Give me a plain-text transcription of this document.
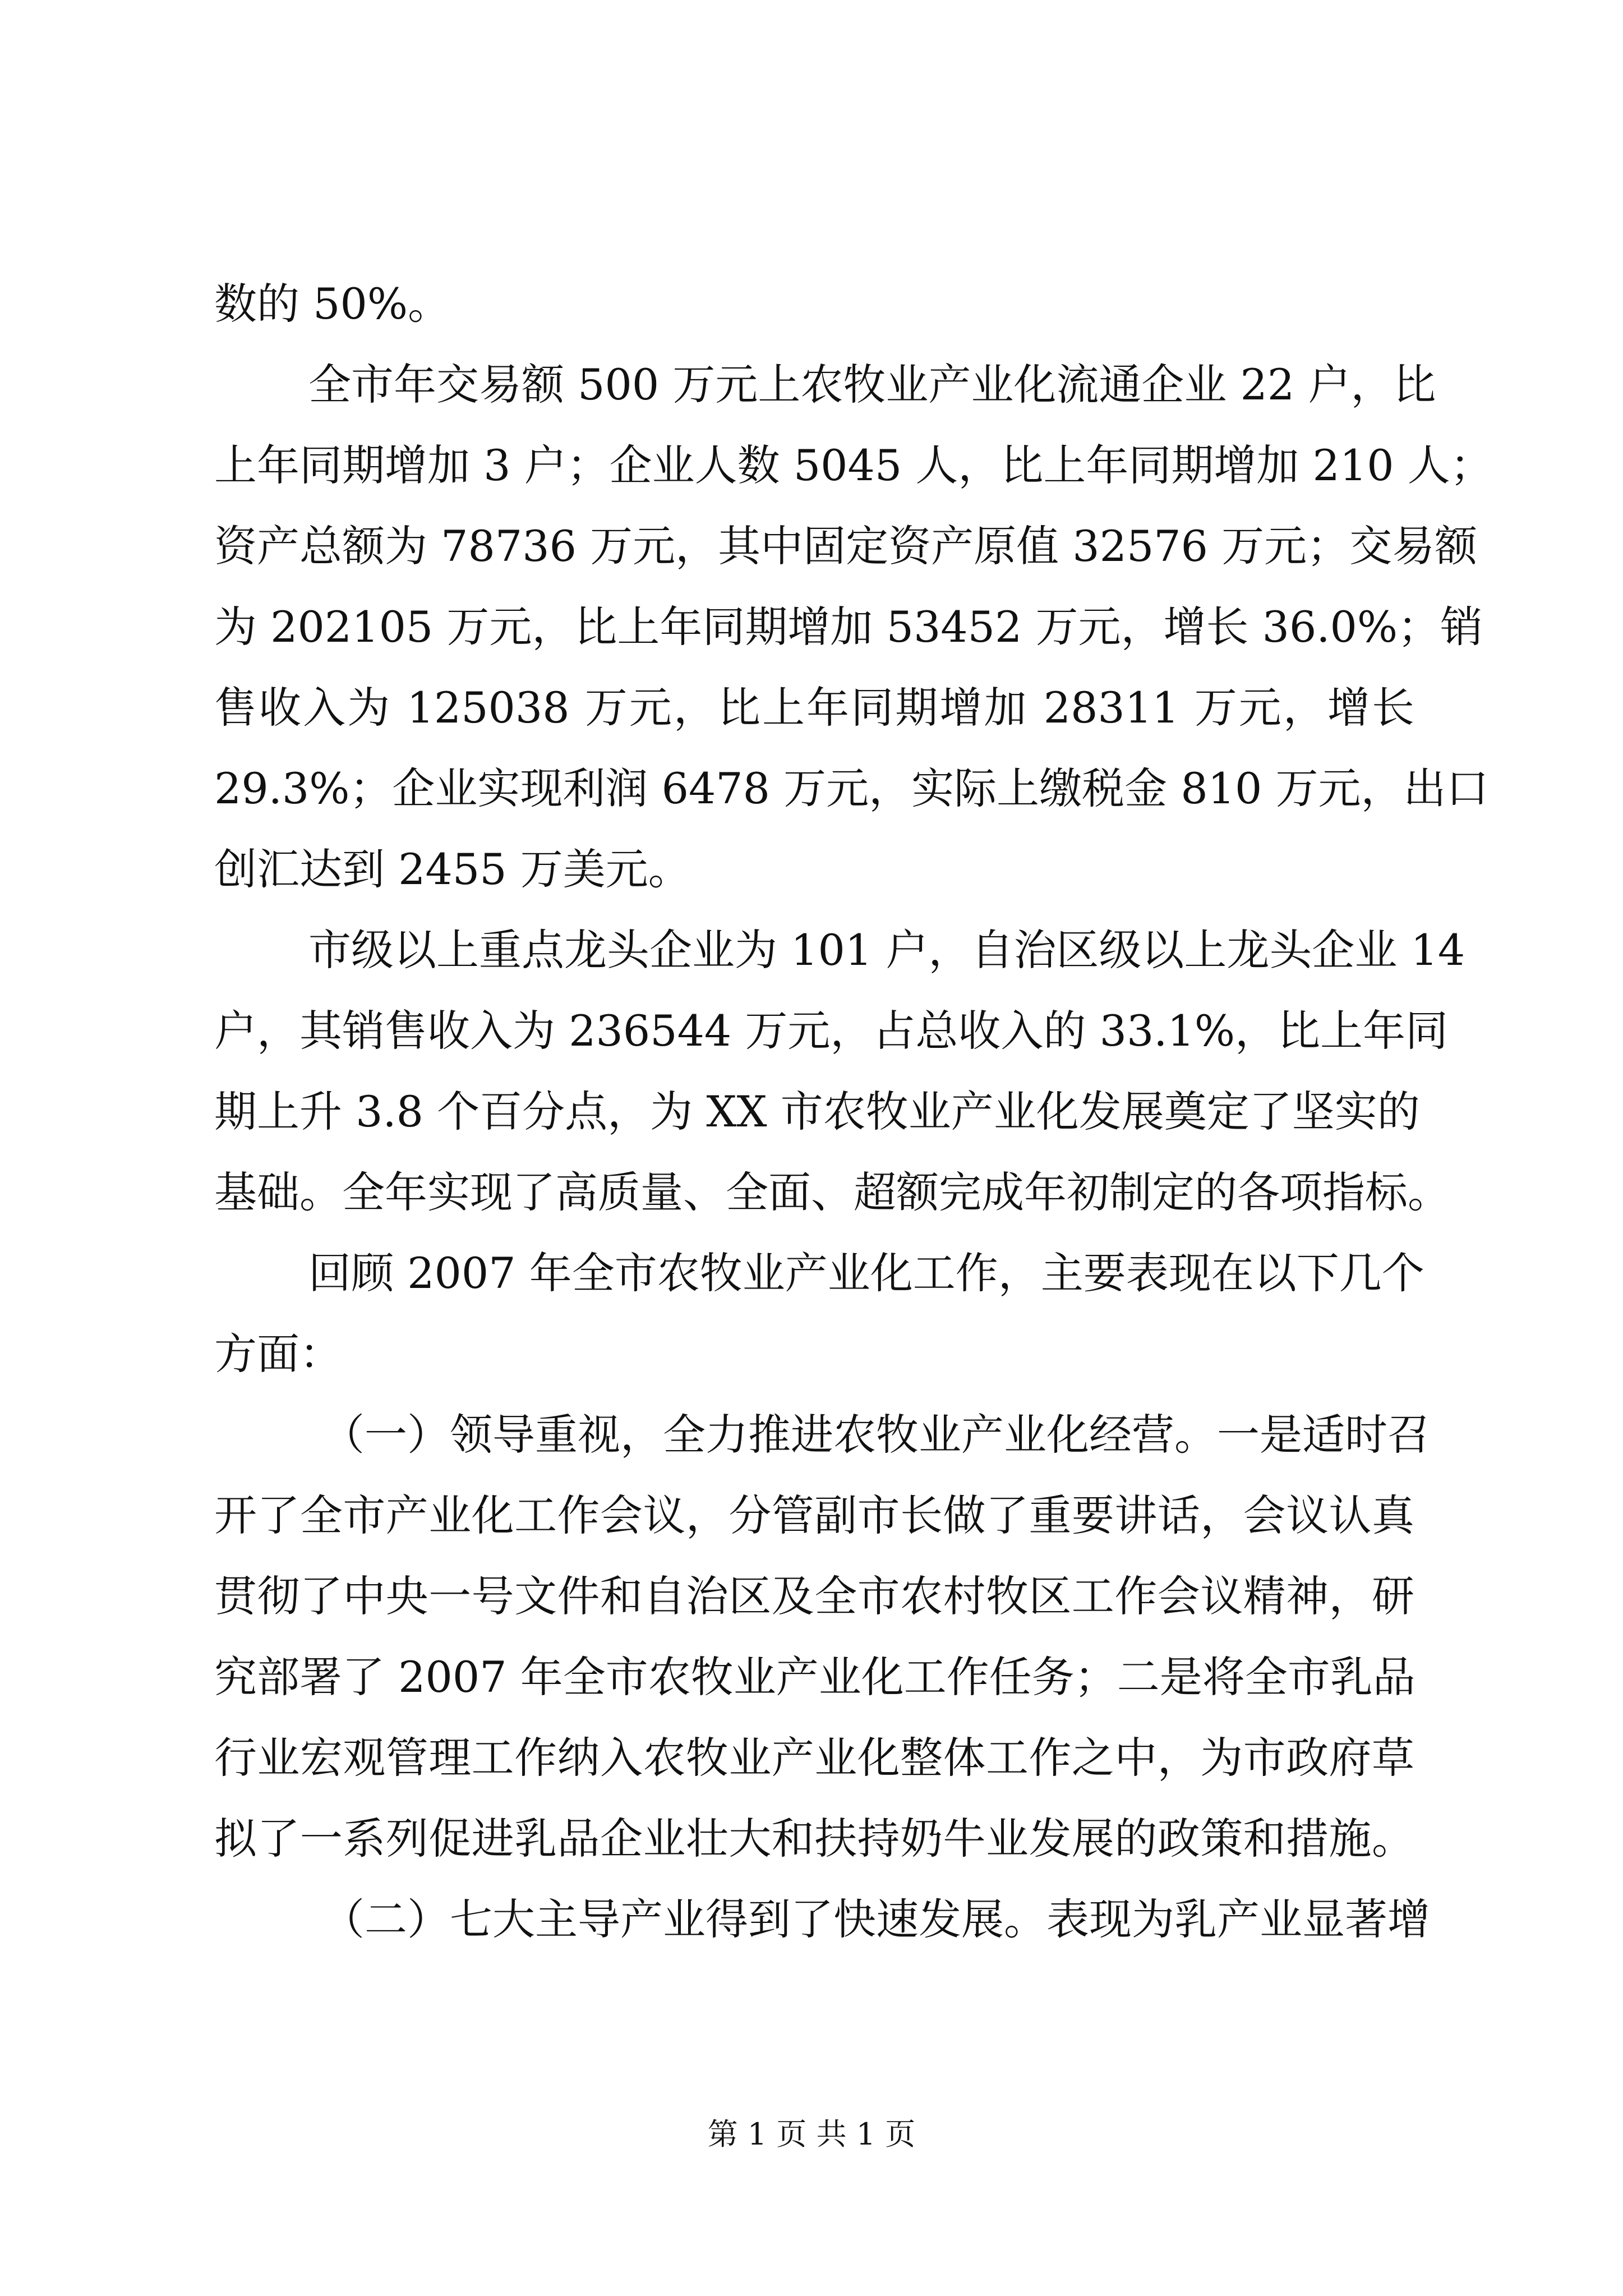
数的 50%。
全市年交易额 500 万元上农牧业产业化流通企业 22 户，比
上年同期增加 3 户；企业人数 5045 人，比上年同期增加 210 人；
资产总额为 78736 万元，其中固定资产原值 32576 万元；交易额
为 202105 万元，比上年同期增加 53452 万元，增长 36.0%；销
售收入为 125038 万元，比上年同期增加 28311 万元，增长
29.3%；企业实现利润 6478 万元，实际上缴税金 810 万元，出口
创汇达到 2455 万美元。
市级以上重点龙头企业为 101 户，自治区级以上龙头企业 14
户，其销售收入为 236544 万元，占总收入的 33.1%，比上年同
期上升 3.8 个百分点，为 XX 市农牧业产业化发展奠定了坚实的
基础。全年实现了高质量、全面、超额完成年初制定的各项指标。
回顾 2007 年全市农牧业产业化工作，主要表现在以下几个
方面：
（一）领导重视，全力推进农牧业产业化经营。一是适时召
开了全市产业化工作会议，分管副市长做了重要讲话，会议认真
贯彻了中央一号文件和自治区及全市农村牧区工作会议精神，研
究部署了 2007 年全市农牧业产业化工作任务；二是将全市乳品
行业宏观管理工作纳入农牧业产业化整体工作之中，为市政府草
拟了一系列促进乳品企业壮大和扶持奶牛业发展的政策和措施。
（二）七大主导产业得到了快速发展。表现为乳产业显著增
第 1 页 共 1 页
